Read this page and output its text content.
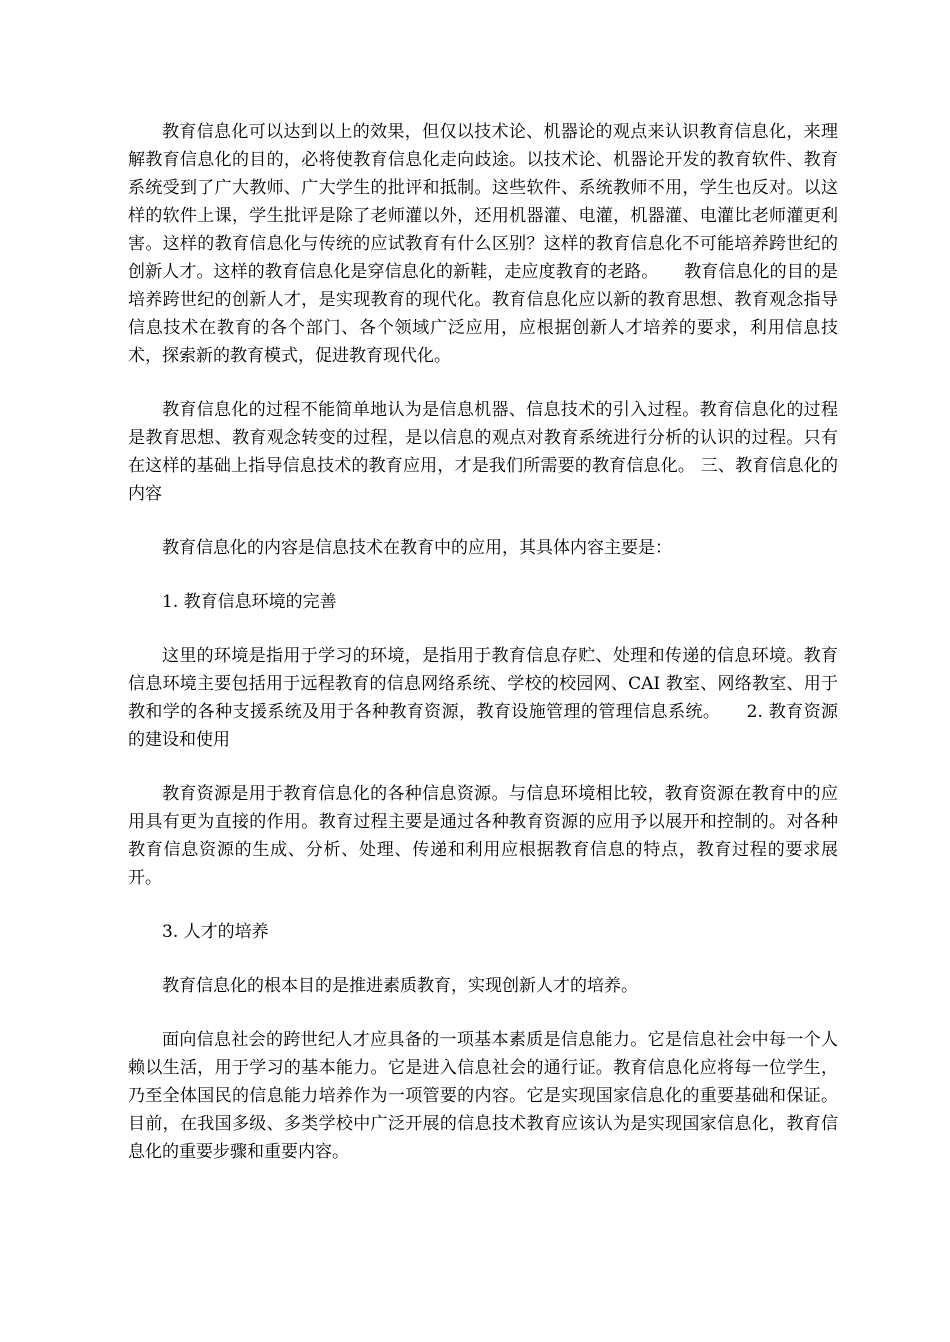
教育信息化可以达到以上的效果，但仅以技术论、机器论的观点来认识教育信息化，来理解教育信息化的目的，必将使教育信息化走向歧途。以技术论、机器论开发的教育软件、教育系统受到了广大教师、广大学生的批评和抵制。这些软件、系统教师不用，学生也反对。以这样的软件上课，学生批评是除了老师灌以外，还用机器灌、电灌，机器灌、电灌比老师灌更利害。这样的教育信息化与传统的应试教育有什么区别？这样的教育信息化不可能培养跨世纪的创新人才。这样的教育信息化是穿信息化的新鞋，走应度教育的老路。　　教育信息化的目的是培养跨世纪的创新人才，是实现教育的现代化。教育信息化应以新的教育思想、教育观念指导信息技术在教育的各个部门、各个领域广泛应用，应根据创新人才培养的要求，利用信息技术，探索新的教育模式，促进教育现代化。

教育信息化的过程不能简单地认为是信息机器、信息技术的引入过程。教育信息化的过程是教育思想、教育观念转变的过程，是以信息的观点对教育系统进行分析的认识的过程。只有在这样的基础上指导信息技术的教育应用，才是我们所需要的教育信息化。 三、教育信息化的内容

教育信息化的内容是信息技术在教育中的应用，其具体内容主要是：

1. 教育信息环境的完善

这里的环境是指用于学习的环境，是指用于教育信息存贮、处理和传递的信息环境。教育信息环境主要包括用于远程教育的信息网络系统、学校的校园网、CAI 教室、网络教室、用于教和学的各种支援系统及用于各种教育资源，教育设施管理的管理信息系统。　　2. 教育资源的建设和使用

教育资源是用于教育信息化的各种信息资源。与信息环境相比较，教育资源在教育中的应用具有更为直接的作用。教育过程主要是通过各种教育资源的应用予以展开和控制的。对各种教育信息资源的生成、分析、处理、传递和利用应根据教育信息的特点，教育过程的要求展开。

3. 人才的培养

教育信息化的根本目的是推进素质教育，实现创新人才的培养。

面向信息社会的跨世纪人才应具备的一项基本素质是信息能力。它是信息社会中每一个人赖以生活，用于学习的基本能力。它是进入信息社会的通行证。教育信息化应将每一位学生，乃至全体国民的信息能力培养作为一项管要的内容。它是实现国家信息化的重要基础和保证。目前，在我国多级、多类学校中广泛开展的信息技术教育应该认为是实现国家信息化，教育信息化的重要步骤和重要内容。
